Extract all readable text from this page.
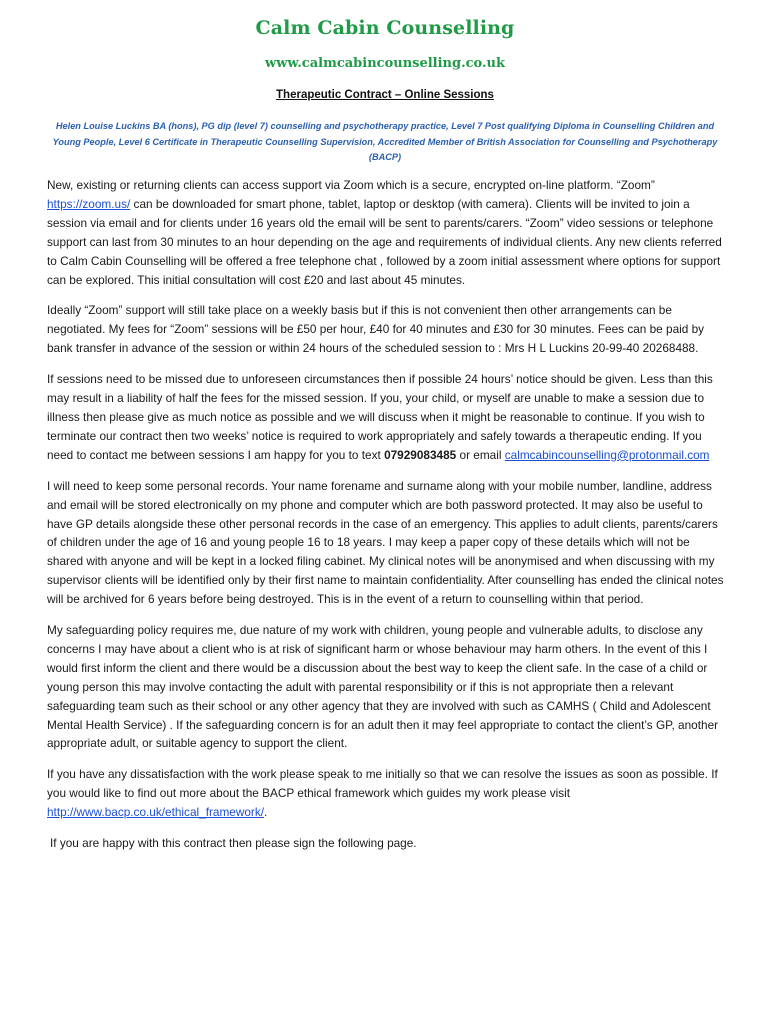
Calm Cabin Counselling
www.calmcabincounselling.co.uk
Therapeutic Contract – Online Sessions
Helen Louise Luckins BA (hons), PG dip (level 7) counselling and psychotherapy practice, Level 7 Post qualifying Diploma in Counselling Children and Young People, Level 6 Certificate in Therapeutic Counselling Supervision, Accredited Member of British Association for Counselling and Psychotherapy (BACP)

New, existing or returning clients can access support via Zoom which is a secure, encrypted on-line platform. “Zoom” https://zoom.us/ can be downloaded for smart phone, tablet, laptop or desktop (with camera). Clients will be invited to join a session via email and for clients under 16 years old the email will be sent to parents/carers. “Zoom” video sessions or telephone support can last from 30 minutes to an hour depending on the age and requirements of individual clients. Any new clients referred to Calm Cabin Counselling will be offered a free telephone chat , followed by a zoom initial assessment where options for support can be explored. This initial consultation will cost £20 and last about 45 minutes.

Ideally “Zoom” support will still take place on a weekly basis but if this is not convenient then other arrangements can be negotiated. My fees for “Zoom” sessions will be £50 per hour, £40 for 40 minutes and £30 for 30 minutes. Fees can be paid by bank transfer in advance of the session or within 24 hours of the scheduled session to : Mrs H L Luckins 20-99-40 20268488.

If sessions need to be missed due to unforeseen circumstances then if possible 24 hours’ notice should be given. Less than this may result in a liability of half the fees for the missed session. If you, your child, or myself are unable to make a session due to illness then please give as much notice as possible and we will discuss when it might be reasonable to continue. If you wish to terminate our contract then two weeks’ notice is required to work appropriately and safely towards a therapeutic ending. If you need to contact me between sessions I am happy for you to text 07929083485 or email calmcabincounselling@protonmail.com

I will need to keep some personal records. Your name forename and surname along with your mobile number, landline, address and email will be stored electronically on my phone and computer which are both password protected. It may also be useful to have GP details alongside these other personal records in the case of an emergency. This applies to adult clients, parents/carers of children under the age of 16 and young people 16 to 18 years. I may keep a paper copy of these details which will not be shared with anyone and will be kept in a locked filing cabinet. My clinical notes will be anonymised and when discussing with my supervisor clients will be identified only by their first name to maintain confidentiality. After counselling has ended the clinical notes will be archived for 6 years before being destroyed. This is in the event of a return to counselling within that period.

My safeguarding policy requires me, due nature of my work with children, young people and vulnerable adults, to disclose any concerns I may have about a client who is at risk of significant harm or whose behaviour may harm others. In the event of this I would first inform the client and there would be a discussion about the best way to keep the client safe. In the case of a child or young person this may involve contacting the adult with parental responsibility or if this is not appropriate then a relevant safeguarding team such as their school or any other agency that they are involved with such as CAMHS ( Child and Adolescent Mental Health Service) . If the safeguarding concern is for an adult then it may feel appropriate to contact the client’s GP, another appropriate adult, or suitable agency to support the client.

If you have any dissatisfaction with the work please speak to me initially so that we can resolve the issues as soon as possible. If you would like to find out more about the BACP ethical framework which guides my work please visit http://www.bacp.co.uk/ethical_framework/.

If you are happy with this contract then please sign the following page.
